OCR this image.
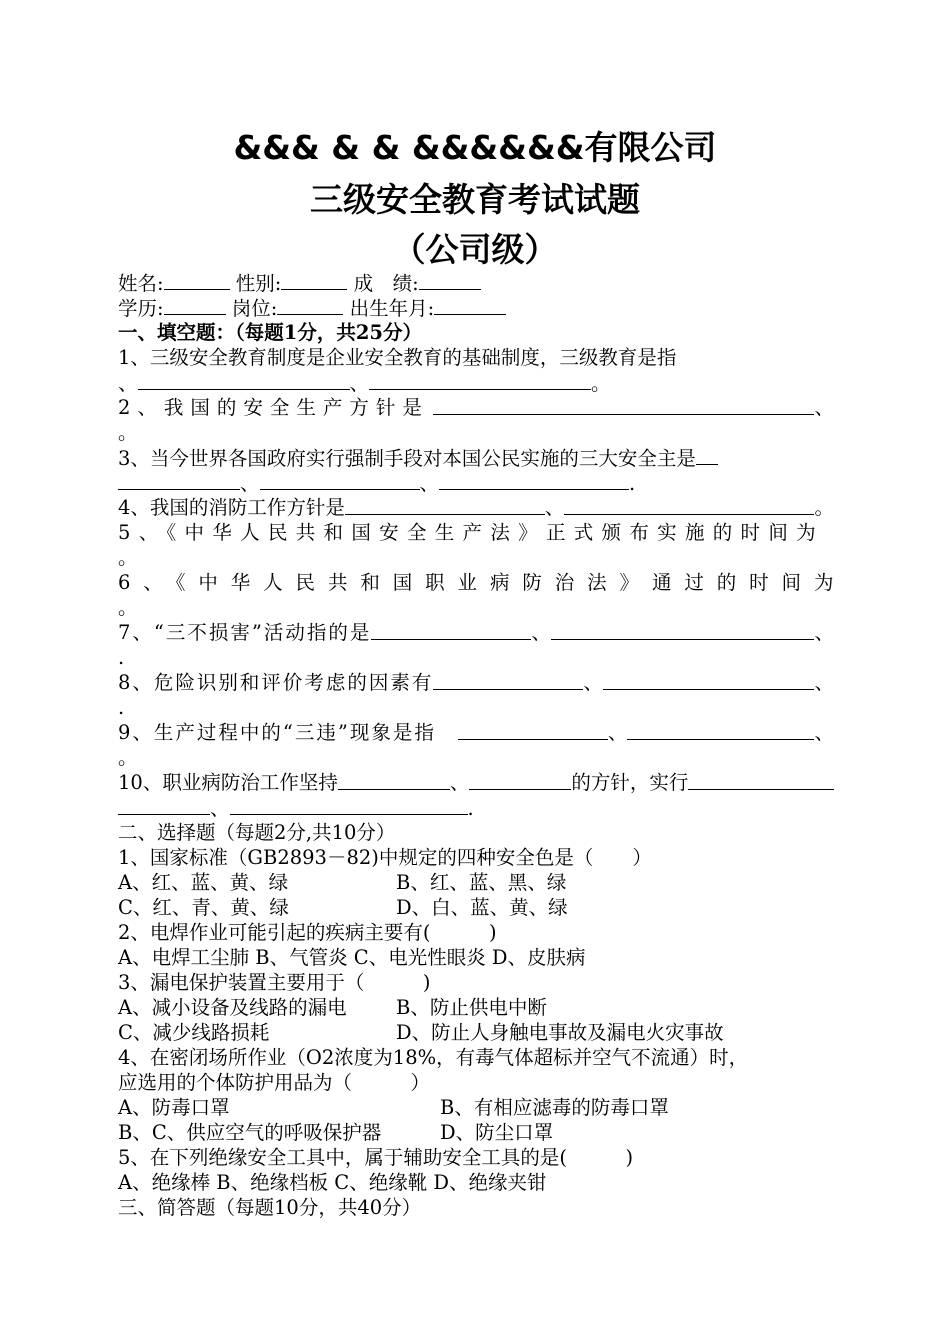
&&& & & &&&&&&有限公司
三级安全教育考试试题
（公司级）
姓名:	性别:	成　绩:
学历:	岗位:	出生年月:
一、填空题：（每题1分，共25分）
1、三级安全教育制度是企业安全教育的基础制度，三级教育是指
、	、	。
2、我国的安全生产方针是	、
。
3、当今世界各国政府实行强制手段对本国公民实施的三大安全主是
、	、	.
4、我国的消防工作方针是	、	。
5、《中华人民共和国安全生产法》正式颁布实施的时间为
。
6、《中华人民共和国职业病防治法》通过的时间为
。
7、“三不损害”活动指的是	、	、
.
8、危险识别和评价考虑的因素有	、	、
.
9、生产过程中的“三违”现象是指	、	、
。
10、职业病防治工作坚持	、	的方针，实行
、	.
二、选择题（每题2分,共10分）
1、国家标准（GB2893－82)中规定的四种安全色是（　　）
A、红、蓝、黄、绿	B、红、蓝、黑、绿
C、红、青、黄、绿	D、白、蓝、黄、绿
2、电焊作业可能引起的疾病主要有(　　　)
A、电焊工尘肺 B、气管炎 C、电光性眼炎 D、皮肤病
3、漏电保护装置主要用于（　　　)
A、减小设备及线路的漏电	B、防止供电中断
C、减少线路损耗	D、防止人身触电事故及漏电火灾事故
4、在密闭场所作业（O2浓度为18%，有毒气体超标并空气不流通）时，
应选用的个体防护用品为（　　　）
A、防毒口罩	B、有相应滤毒的防毒口罩
B、C、供应空气的呼吸保护器	D、防尘口罩
5、在下列绝缘安全工具中，属于辅助安全工具的是(　　　)
A、绝缘棒 B、绝缘档板 C、绝缘靴 D、绝缘夹钳
三、简答题（每题10分，共40分）
